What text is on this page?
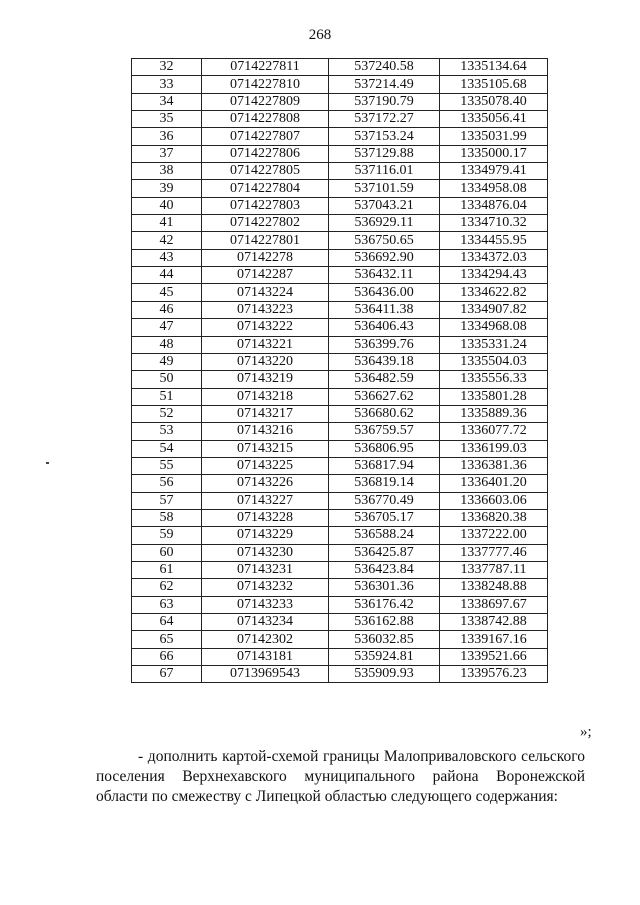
268
32	0714227811	537240.58	1335134.64
33	0714227810	537214.49	1335105.68
34	0714227809	537190.79	1335078.40
35	0714227808	537172.27	1335056.41
36	0714227807	537153.24	1335031.99
37	0714227806	537129.88	1335000.17
38	0714227805	537116.01	1334979.41
39	0714227804	537101.59	1334958.08
40	0714227803	537043.21	1334876.04
41	0714227802	536929.11	1334710.32
42	0714227801	536750.65	1334455.95
43	07142278	536692.90	1334372.03
44	07142287	536432.11	1334294.43
45	07143224	536436.00	1334622.82
46	07143223	536411.38	1334907.82
47	07143222	536406.43	1334968.08
48	07143221	536399.76	1335331.24
49	07143220	536439.18	1335504.03
50	07143219	536482.59	1335556.33
51	07143218	536627.62	1335801.28
52	07143217	536680.62	1335889.36
53	07143216	536759.57	1336077.72
54	07143215	536806.95	1336199.03
55	07143225	536817.94	1336381.36
56	07143226	536819.14	1336401.20
57	07143227	536770.49	1336603.06
58	07143228	536705.17	1336820.38
59	07143229	536588.24	1337222.00
60	07143230	536425.87	1337777.46
61	07143231	536423.84	1337787.11
62	07143232	536301.36	1338248.88
63	07143233	536176.42	1338697.67
64	07143234	536162.88	1338742.88
65	07142302	536032.85	1339167.16
66	07143181	535924.81	1339521.66
67	0713969543	535909.93	1339576.23
»;

- дополнить картой-схемой границы Малоприваловского сельского поселения Верхнехавского муниципального района Воронежской области по смежеству с Липецкой областью следующего содержания:
